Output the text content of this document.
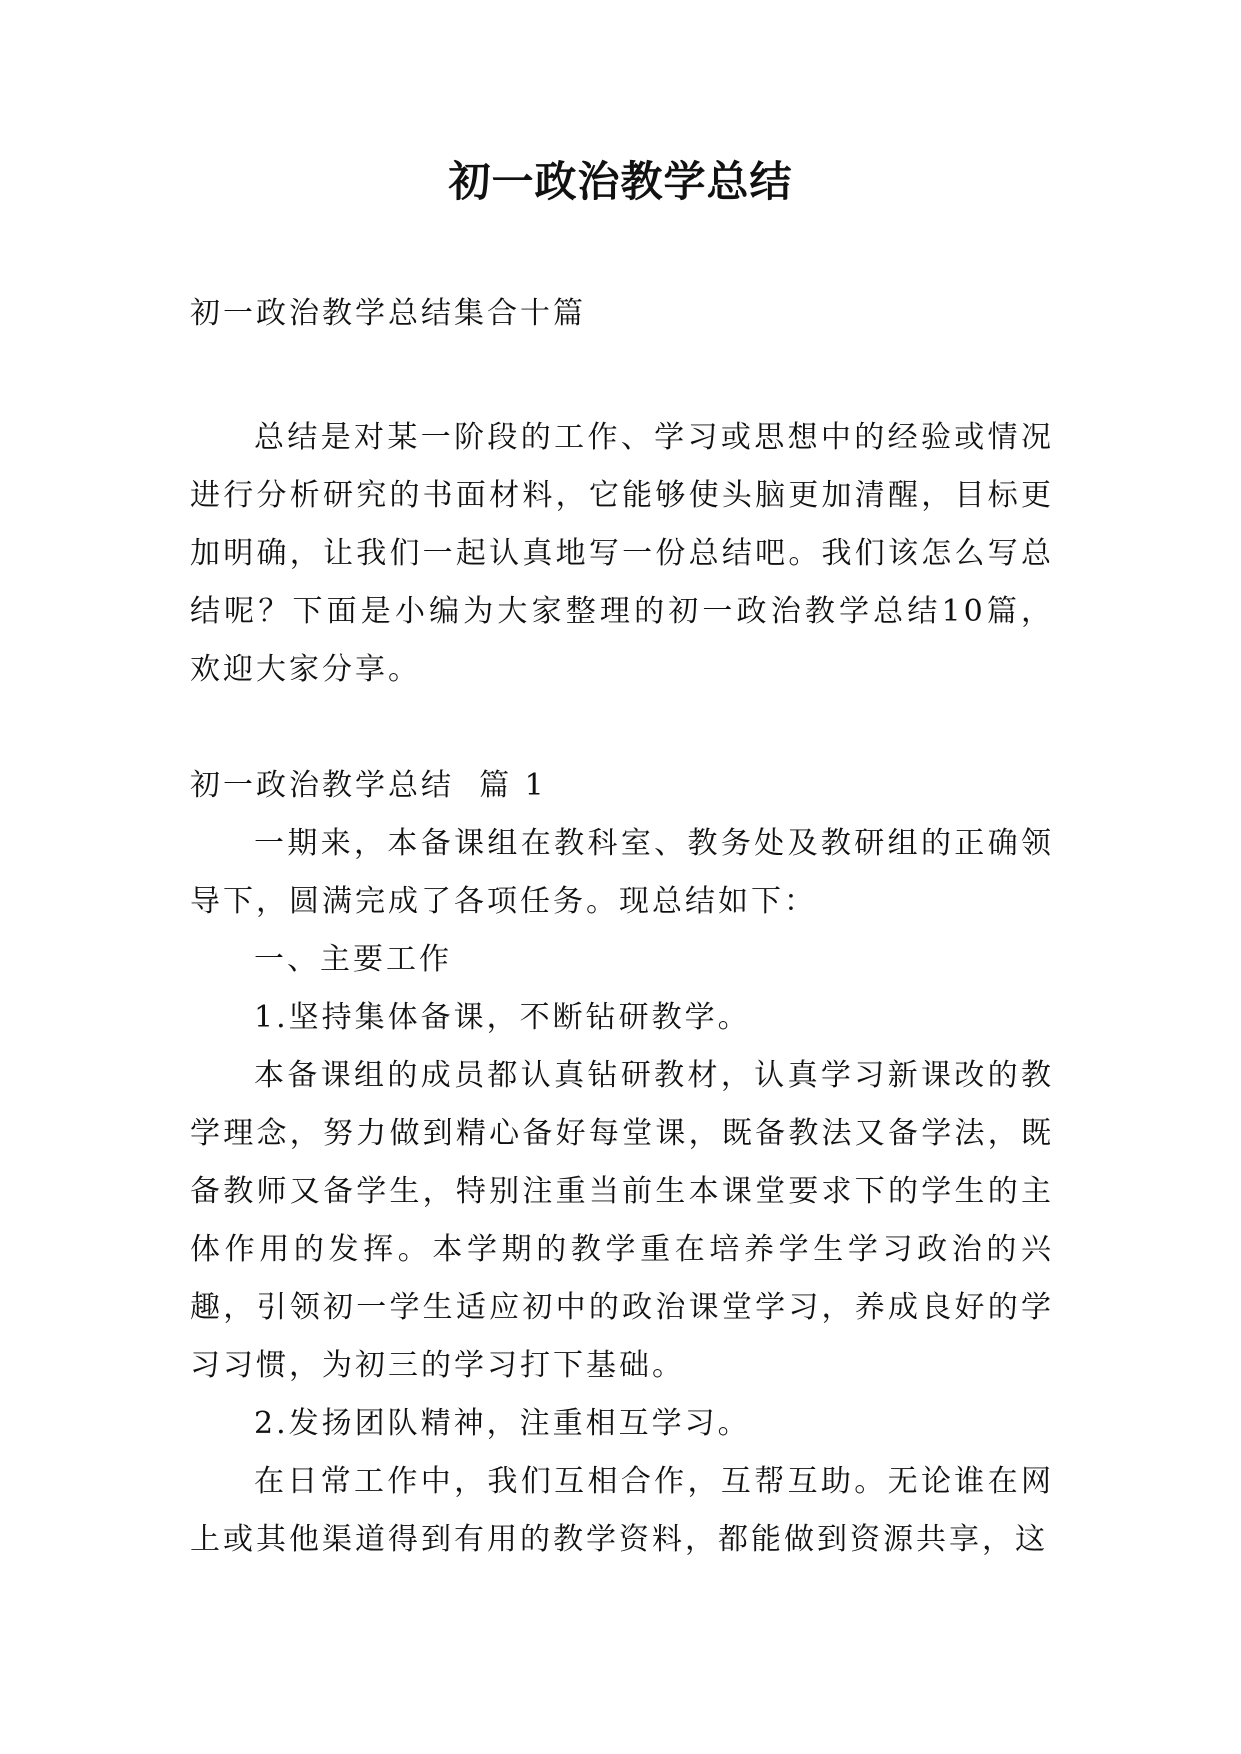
初一政治教学总结

初一政治教学总结集合十篇

总结是对某一阶段的工作、学习或思想中的经验或情况进行分析研究的书面材料，它能够使头脑更加清醒，目标更加明确，让我们一起认真地写一份总结吧。我们该怎么写总结呢？下面是小编为大家整理的初一政治教学总结10篇，欢迎大家分享。

初一政治教学总结  篇 1

一期来，本备课组在教科室、教务处及教研组的正确领导下，圆满完成了各项任务。现总结如下：

一、主要工作

1.坚持集体备课，不断钻研教学。

本备课组的成员都认真钻研教材，认真学习新课改的教学理念，努力做到精心备好每堂课，既备教法又备学法，既备教师又备学生，特别注重当前生本课堂要求下的学生的主体作用的发挥。本学期的教学重在培养学生学习政治的兴趣，引领初一学生适应初中的政治课堂学习，养成良好的学习习惯，为初三的学习打下基础。

2.发扬团队精神，注重相互学习。

在日常工作中，我们互相合作，互帮互助。无论谁在网上或其他渠道得到有用的教学资料，都能做到资源共享，这
